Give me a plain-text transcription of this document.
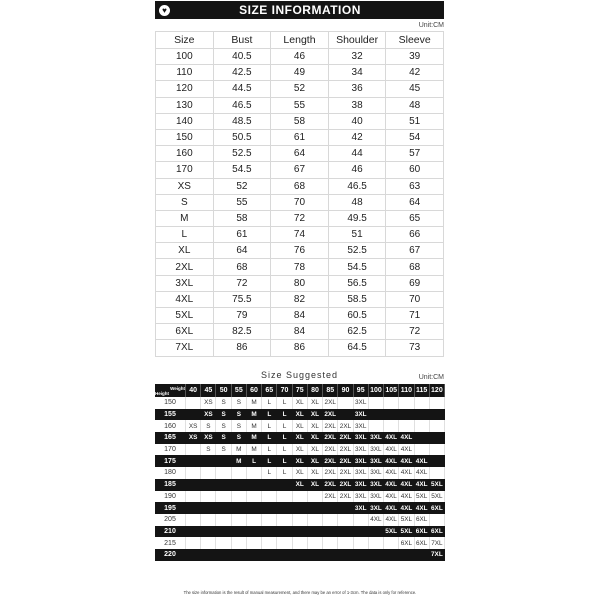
♥	SIZE INFORMATION
Unit:CM
Size	Bust	Length	Shoulder	Sleeve
100	40.5	46	32	39
110	42.5	49	34	42
120	44.5	52	36	45
130	46.5	55	38	48
140	48.5	58	40	51
150	50.5	61	42	54
160	52.5	64	44	57
170	54.5	67	46	60
XS	52	68	46.5	63
S	55	70	48	64
M	58	72	49.5	65
L	61	74	51	66
XL	64	76	52.5	67
2XL	68	78	54.5	68
3XL	72	80	56.5	69
4XL	75.5	82	58.5	70
5XL	79	84	60.5	71
6XL	82.5	84	62.5	72
7XL	86	86	64.5	73
Size Suggested	Unit:CM
Weight
Height	40	45	50	55	60	65	70	75	80	85	90	95	100	105	110	115	120
150		XS	S	S	M	L	L	XL	XL	2XL		3XL					
155		XS	S	S	M	L	L	XL	XL	2XL		3XL					
160	XS	S	S	S	M	L	L	XL	XL	2XL	2XL	3XL					
165	XS	XS	S	S	M	L	L	XL	XL	2XL	2XL	3XL	3XL	4XL	4XL		
170		S	S	M	M	L	L	XL	XL	2XL	2XL	3XL	3XL	4XL	4XL		
175				M	L	L	L	XL	XL	2XL	2XL	3XL	3XL	4XL	4XL	4XL	
180						L	L	XL	XL	2XL	2XL	3XL	3XL	4XL	4XL	4XL	
185								XL	XL	2XL	2XL	3XL	3XL	4XL	4XL	4XL	5XL
190										2XL	2XL	3XL	3XL	4XL	4XL	5XL	5XL
195												3XL	3XL	4XL	4XL	4XL	6XL
205													4XL	4XL	5XL	6XL	
210														5XL	5XL	6XL	6XL
215															6XL	6XL	7XL
220																	7XL
The size information is the result of manual measurement, and there may be an error of 1-3cm. The data is only for reference.
